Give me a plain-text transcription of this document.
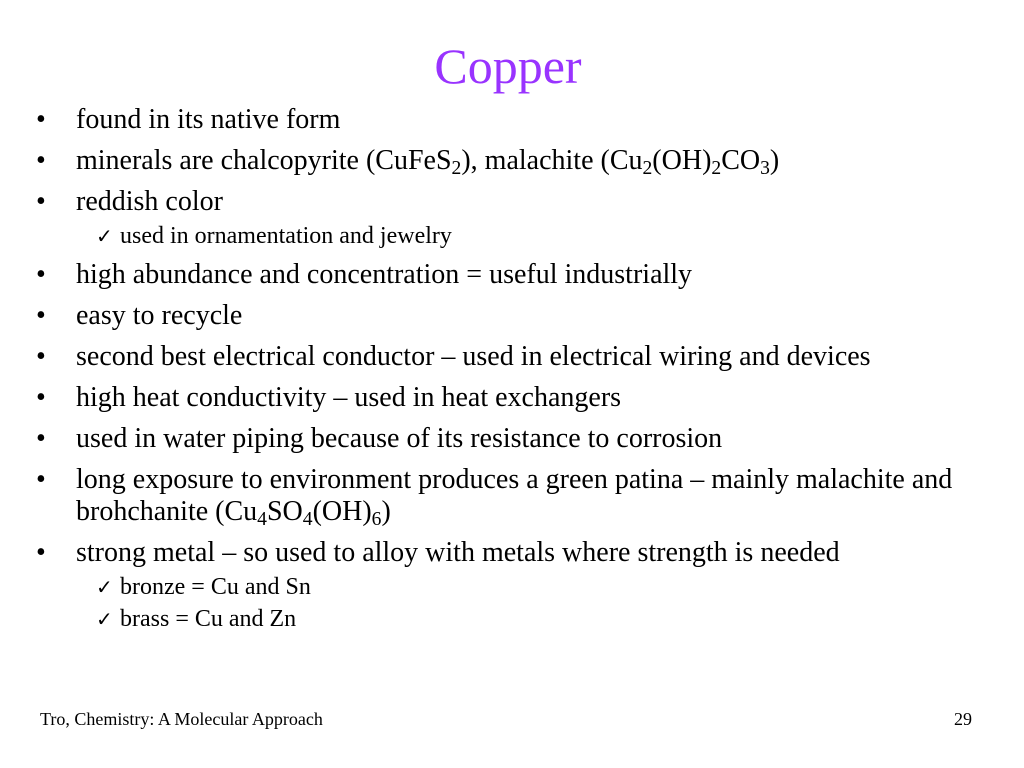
Copper
•	found in its native form
•	minerals are chalcopyrite (CuFeS$_2$), malachite $(Cu_2(OH)_2CO_3)$
•	reddish color
✓ used in ornamentation and jewelry
•	high abundance and concentration = useful industrially
•	easy to recycle
•	second best electrical conductor – used in electrical wiring and devices
•	high heat conductivity – used in heat exchangers
•	used in water piping because of its resistance to corrosion
•	long exposure to environment produces a green patina – mainly malachite and brohchanite $(Cu_4SO_4(OH)_6)$
•	strong metal – so used to alloy with metals where strength is needed
✓ bronze = Cu and Sn
✓ brass = Cu and Zn
Tro, Chemistry: A Molecular Approach	29
